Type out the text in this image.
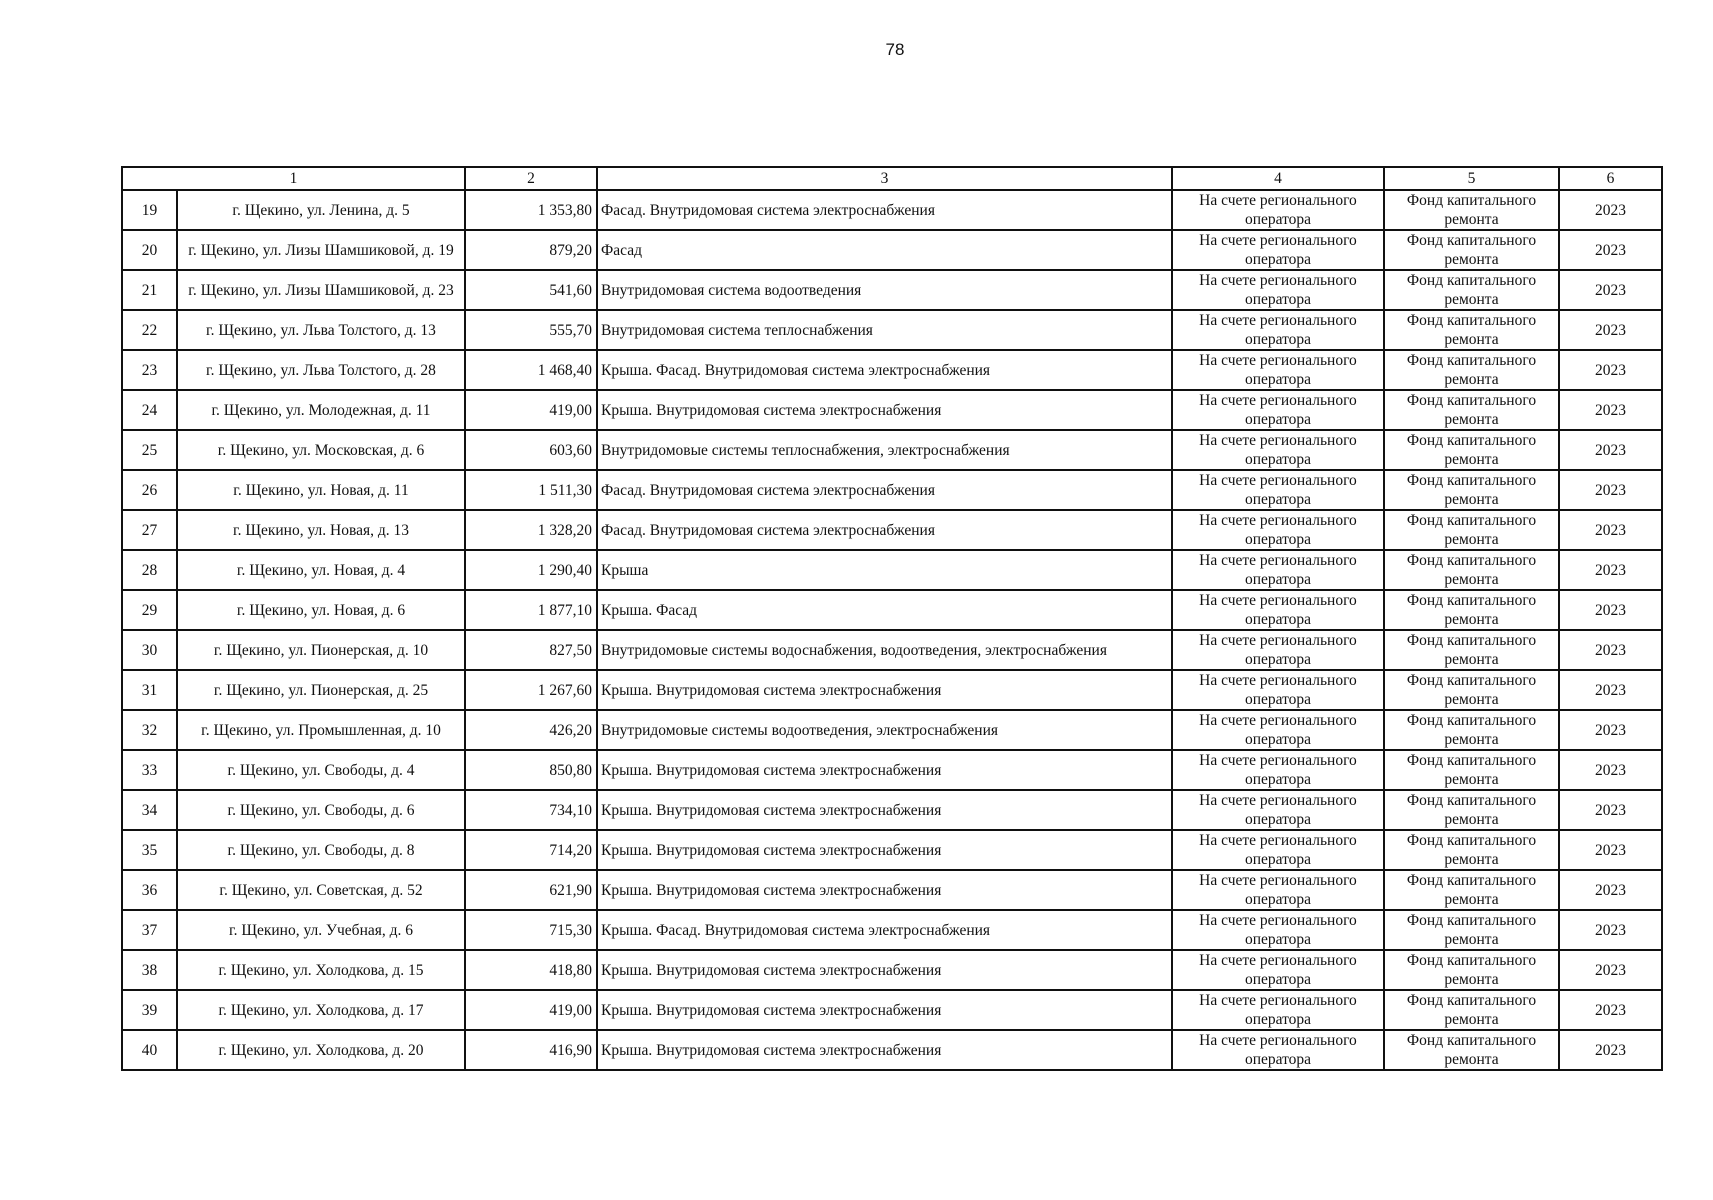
78
1		2	3	4	5	6
19	г. Щекино, ул. Ленина, д. 5	1 353,80	Фасад. Внутридомовая система электроснабжения	На счете регионального оператора	Фонд капитального ремонта	2023
20	г. Щекино, ул. Лизы Шамшиковой, д. 19	879,20	Фасад	На счете регионального оператора	Фонд капитального ремонта	2023
21	г. Щекино, ул. Лизы Шамшиковой, д. 23	541,60	Внутридомовая система водоотведения	На счете регионального оператора	Фонд капитального ремонта	2023
22	г. Щекино, ул. Льва Толстого, д. 13	555,70	Внутридомовая система теплоснабжения	На счете регионального оператора	Фонд капитального ремонта	2023
23	г. Щекино, ул. Льва Толстого, д. 28	1 468,40	Крыша. Фасад. Внутридомовая система электроснабжения	На счете регионального оператора	Фонд капитального ремонта	2023
24	г. Щекино, ул. Молодежная, д. 11	419,00	Крыша. Внутридомовая система электроснабжения	На счете регионального оператора	Фонд капитального ремонта	2023
25	г. Щекино, ул. Московская, д. 6	603,60	Внутридомовые системы теплоснабжения, электроснабжения	На счете регионального оператора	Фонд капитального ремонта	2023
26	г. Щекино, ул. Новая, д. 11	1 511,30	Фасад. Внутридомовая система электроснабжения	На счете регионального оператора	Фонд капитального ремонта	2023
27	г. Щекино, ул. Новая, д. 13	1 328,20	Фасад. Внутридомовая система электроснабжения	На счете регионального оператора	Фонд капитального ремонта	2023
28	г. Щекино, ул. Новая, д. 4	1 290,40	Крыша	На счете регионального оператора	Фонд капитального ремонта	2023
29	г. Щекино, ул. Новая, д. 6	1 877,10	Крыша. Фасад	На счете регионального оператора	Фонд капитального ремонта	2023
30	г. Щекино, ул. Пионерская, д. 10	827,50	Внутридомовые системы водоснабжения, водоотведения, электроснабжения	На счете регионального оператора	Фонд капитального ремонта	2023
31	г. Щекино, ул. Пионерская, д. 25	1 267,60	Крыша. Внутридомовая система электроснабжения	На счете регионального оператора	Фонд капитального ремонта	2023
32	г. Щекино, ул. Промышленная, д. 10	426,20	Внутридомовые системы водоотведения, электроснабжения	На счете регионального оператора	Фонд капитального ремонта	2023
33	г. Щекино, ул. Свободы, д. 4	850,80	Крыша. Внутридомовая система электроснабжения	На счете регионального оператора	Фонд капитального ремонта	2023
34	г. Щекино, ул. Свободы, д. 6	734,10	Крыша. Внутридомовая система электроснабжения	На счете регионального оператора	Фонд капитального ремонта	2023
35	г. Щекино, ул. Свободы, д. 8	714,20	Крыша. Внутридомовая система электроснабжения	На счете регионального оператора	Фонд капитального ремонта	2023
36	г. Щекино, ул. Советская, д. 52	621,90	Крыша. Внутридомовая система электроснабжения	На счете регионального оператора	Фонд капитального ремонта	2023
37	г. Щекино, ул. Учебная, д. 6	715,30	Крыша. Фасад. Внутридомовая система электроснабжения	На счете регионального оператора	Фонд капитального ремонта	2023
38	г. Щекино, ул. Холодкова, д. 15	418,80	Крыша. Внутридомовая система электроснабжения	На счете регионального оператора	Фонд капитального ремонта	2023
39	г. Щекино, ул. Холодкова, д. 17	419,00	Крыша. Внутридомовая система электроснабжения	На счете регионального оператора	Фонд капитального ремонта	2023
40	г. Щекино, ул. Холодкова, д. 20	416,90	Крыша. Внутридомовая система электроснабжения	На счете регионального оператора	Фонд капитального ремонта	2023
